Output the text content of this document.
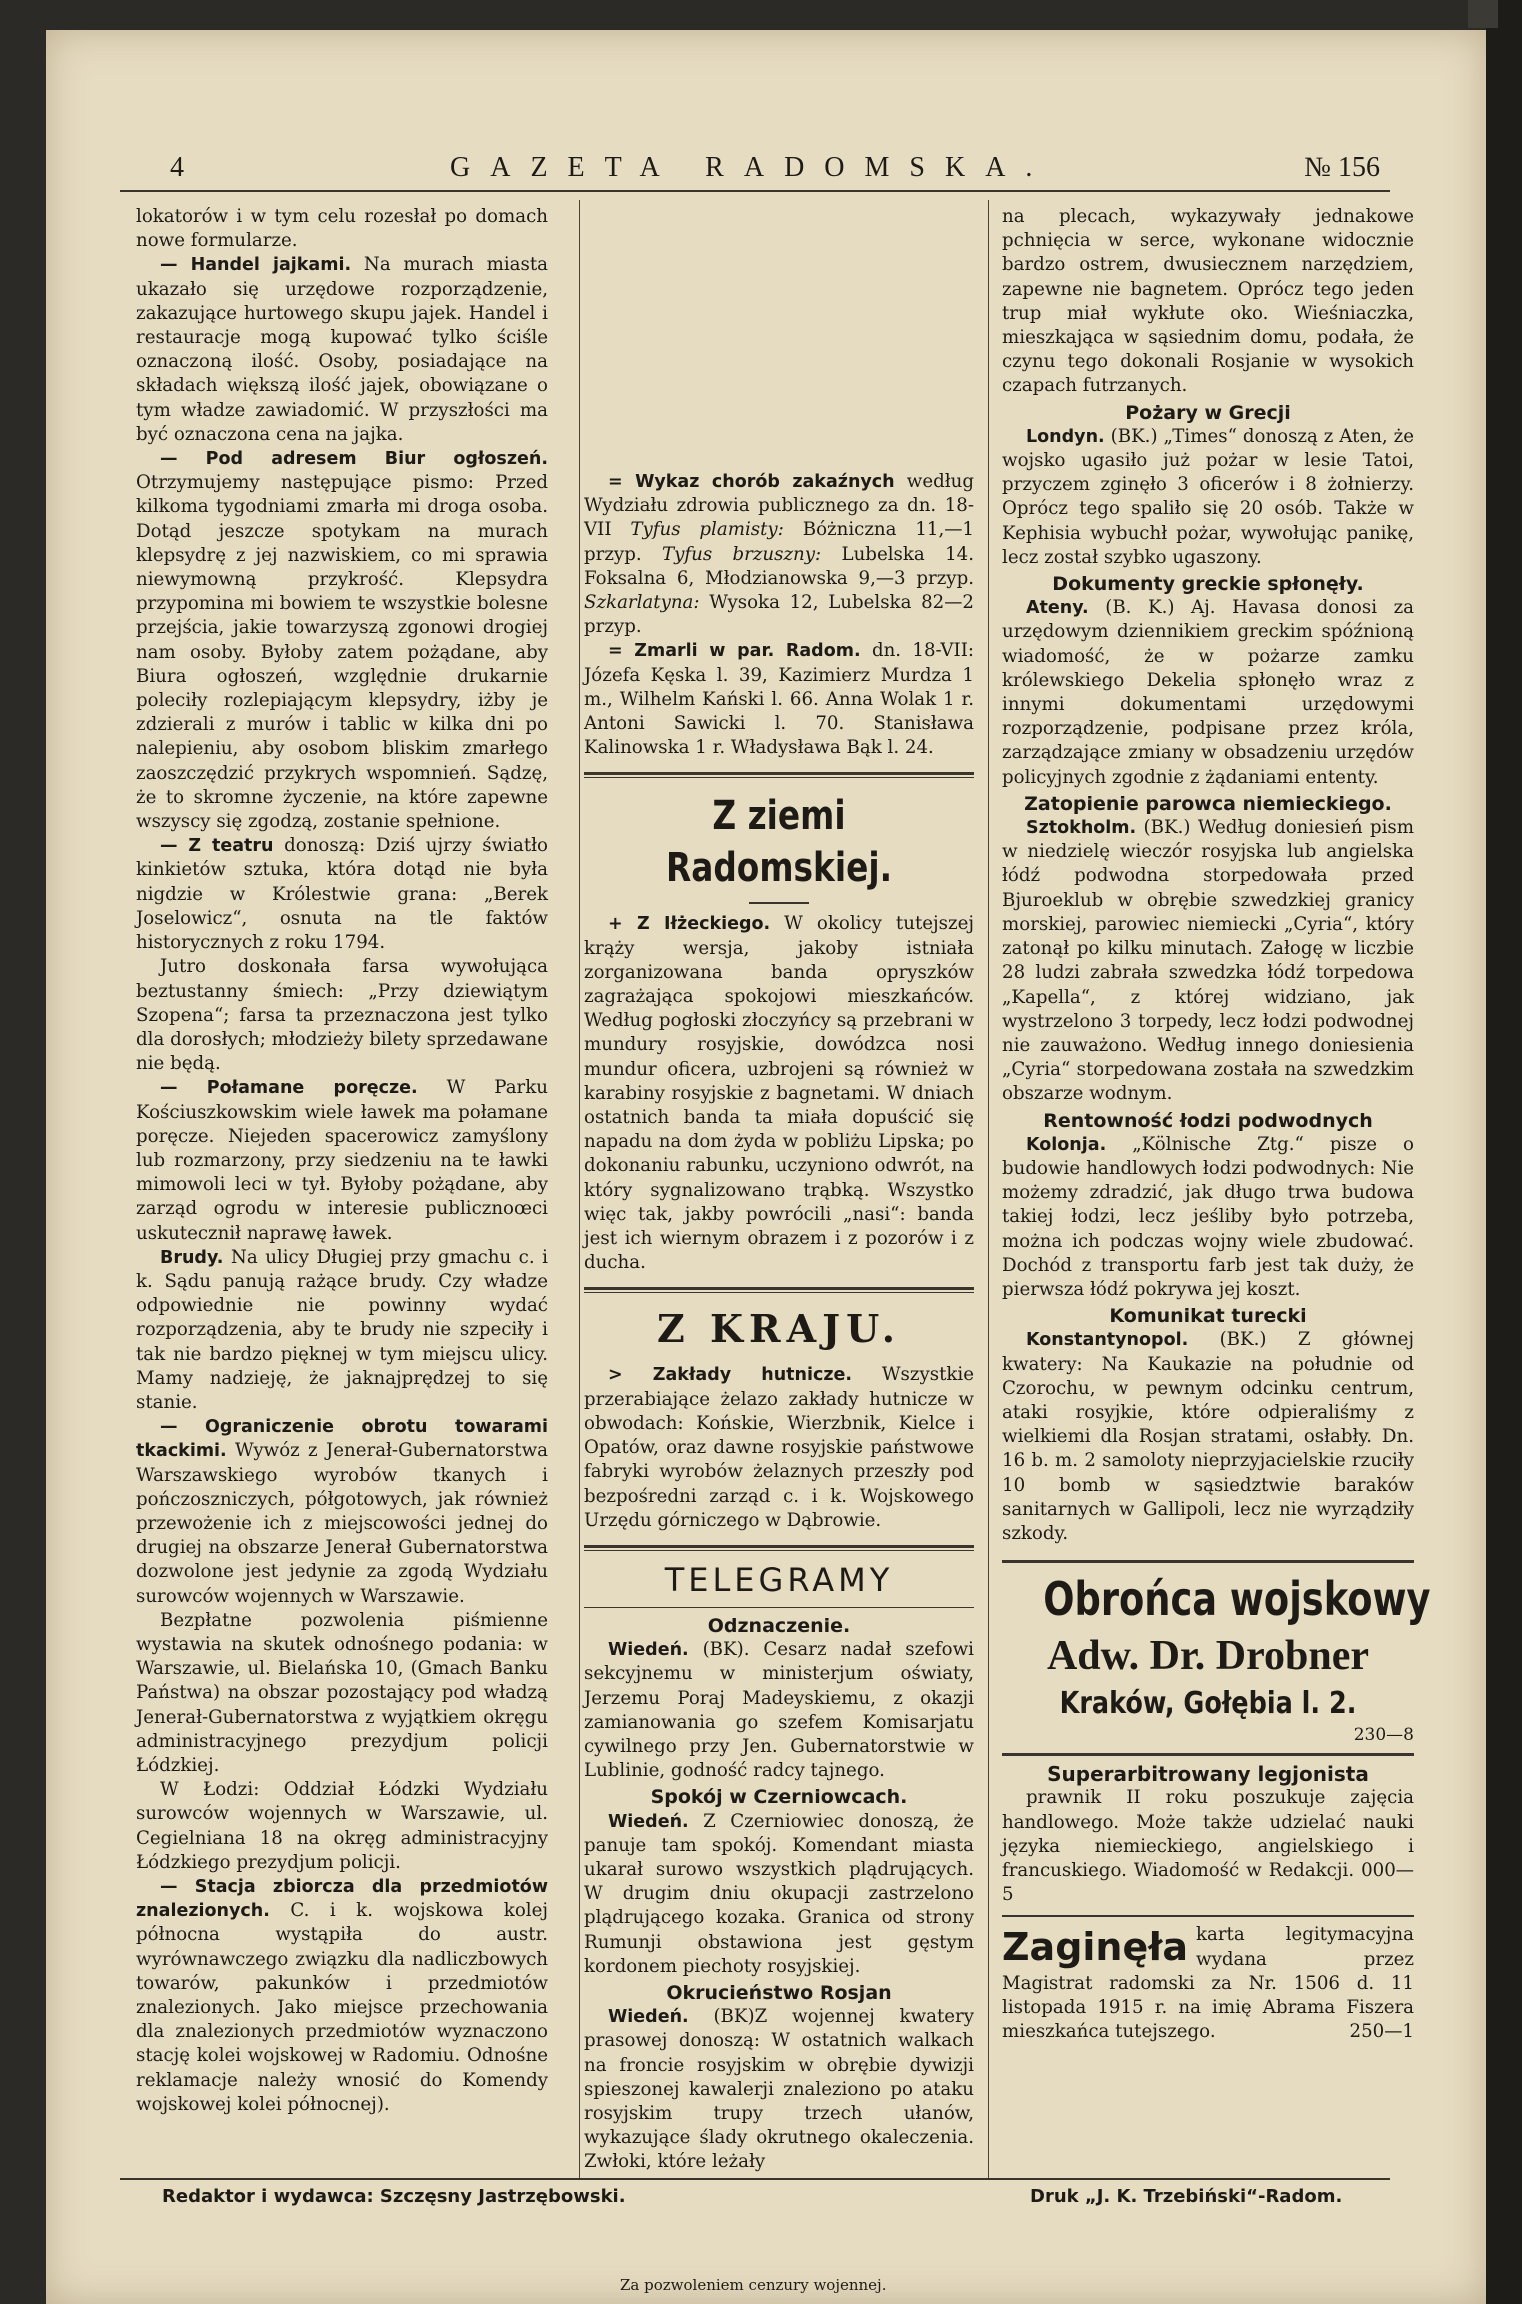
4	GAZETA RADOMSKA.	№ 156

lokatorów i w tym celu rozesłał po domach nowe formularze.

— Handel jajkami. Na murach miasta ukazało się urzędowe rozporządzenie, zakazujące hurtowego skupu jajek. Handel i restauracje mogą kupować tylko ściśle oznaczoną ilość. Osoby, posiadające na składach większą ilość jajek, obowiązane o tym władze zawiadomić. W przyszłości ma być oznaczona cena na jajka.

— Pod adresem Biur ogłoszeń. Otrzymujemy następujące pismo: Przed kilkoma tygodniami zmarła mi droga osoba. Dotąd jeszcze spotykam na murach klepsydrę z jej nazwiskiem, co mi sprawia niewymowną przykrość. Klepsydra przypomina mi bowiem te wszystkie bolesne przejścia, jakie towarzyszą zgonowi drogiej nam osoby. Byłoby zatem pożądane, aby Biura ogłoszeń, względnie drukarnie poleciły rozlepiającym klepsydry, iżby je zdzierali z murów i tablic w kilka dni po nalepieniu, aby osobom bliskim zmarłego zaoszczędzić przykrych wspomnień. Sądzę, że to skromne życzenie, na które zapewne wszyscy się zgodzą, zostanie spełnione.

— Z teatru donoszą: Dziś ujrzy światło kinkietów sztuka, która dotąd nie była nigdzie w Królestwie grana: „Berek Joselowicz“, osnuta na tle faktów historycznych z roku 1794.

Jutro doskonała farsa wywołująca beztustanny śmiech: „Przy dziewiątym Szopena“; farsa ta przeznaczona jest tylko dla dorosłych; młodzieży bilety sprzedawane nie będą.

— Połamane poręcze. W Parku Kościuszkowskim wiele ławek ma połamane poręcze. Niejeden spacerowicz zamyślony lub rozmarzony, przy siedzeniu na te ławki mimowoli leci w tył. Byłoby pożądane, aby zarząd ogrodu w interesie publicznoœci uskutecznił naprawę ławek.

Brudy. Na ulicy Długiej przy gmachu c. i k. Sądu panują rażące brudy. Czy władze odpowiednie nie powinny wydać rozporządzenia, aby te brudy nie szpeciły i tak nie bardzo pięknej w tym miejscu ulicy. Mamy nadzieję, że jaknajprędzej to się stanie.

— Ograniczenie obrotu towarami tkackimi. Wywóz z Jenerał-Gubernatorstwa Warszawskiego wyrobów tkanych i pończoszniczych, półgotowych, jak również przewożenie ich z miejscowości jednej do drugiej na obszarze Jenerał Gubernatorstwa dozwolone jest jedynie za zgodą Wydziału surowców wojennych w Warszawie.

Bezpłatne pozwolenia piśmienne wystawia na skutek odnośnego podania: w Warszawie, ul. Bielańska 10, (Gmach Banku Państwa) na obszar pozostający pod władzą Jenerał-Gubernatorstwa z wyjątkiem okręgu administracyjnego prezydjum policji Łódzkiej.

W Łodzi: Oddział Łódzki Wydziału surowców wojennych w Warszawie, ul. Cegielniana 18 na okręg administracyjny Łódzkiego prezydjum policji.

— Stacja zbiorcza dla przedmiotów znalezionych. C. i k. wojskowa kolej północna wystąpiła do austr. wyrównawczego związku dla nadliczbowych towarów, pakunków i przedmiotów znalezionych. Jako miejsce przechowania dla znalezionych przedmiotów wyznaczono stację kolei wojskowej w Radomiu. Odnośne reklamacje należy wnosić do Komendy wojskowej kolei północnej).

= Wykaz chorób zakaźnych według Wydziału zdrowia publicznego za dn. 18-VII Tyfus plamisty: Bóżniczna 11,—1 przyp. Tyfus brzuszny: Lubelska 14. Foksalna 6, Młodzianowska 9,—3 przyp. Szkarlatyna: Wysoka 12, Lubelska 82—2 przyp.

= Zmarli w par. Radom. dn. 18-VII: Józefa Kęska l. 39, Kazimierz Murdza 1 m., Wilhelm Kański l. 66. Anna Wolak 1 r. Antoni Sawicki l. 70. Stanisława Kalinowska 1 r. Władysława Bąk l. 24.

Z ziemi Radomskiej.

+ Z Iłżeckiego. W okolicy tutejszej krąży wersja, jakoby istniała zorganizowana banda opryszków zagrażająca spokojowi mieszkańców. Według pogłoski złoczyńcy są przebrani w mundury rosyjskie, dowódzca nosi mundur oficera, uzbrojeni są również w karabiny rosyjskie z bagnetami. W dniach ostatnich banda ta miała dopuścić się napadu na dom żyda w pobliżu Lipska; po dokonaniu rabunku, uczyniono odwrót, na który sygnalizowano trąbką. Wszystko więc tak, jakby powrócili „nasi“: banda jest ich wiernym obrazem i z pozorów i z ducha.

Z KRAJU.

> Zakłady hutnicze. Wszystkie przerabiające żelazo zakłady hutnicze w obwodach: Końskie, Wierzbnik, Kielce i Opatów, oraz dawne rosyjskie państwowe fabryki wyrobów żelaznych przeszły pod bezpośredni zarząd c. i k. Wojskowego Urzędu górniczego w Dąbrowie.

TELEGRAMY
Odznaczenie.

Wiedeń. (BK). Cesarz nadał szefowi sekcyjnemu w ministerjum oświaty, Jerzemu Poraj Madeyskiemu, z okazji zamianowania go szefem Komisarjatu cywilnego przy Jen. Gubernatorstwie w Lublinie, godność radcy tajnego.

Spokój w Czerniowcach.

Wiedeń. Z Czerniowiec donoszą, że panuje tam spokój. Komendant miasta ukarał surowo wszystkich plądrujących. W drugim dniu okupacji zastrzelono plądrującego kozaka. Granica od strony Rumunji obstawiona jest gęstym kordonem piechoty rosyjskiej.

Okrucieństwo Rosjan

Wiedeń. (BK)Z wojennej kwatery prasowej donoszą: W ostatnich walkach na froncie rosyjskim w obrębie dywizji spieszonej kawalerji znaleziono po ataku rosyjskim trupy trzech ułanów, wykazujące ślady okrutnego okaleczenia. Zwłoki, które leżały

na plecach, wykazywały jednakowe pchnięcia w serce, wykonane widocznie bardzo ostrem, dwusiecznem narzędziem, zapewne nie bagnetem. Oprócz tego jeden trup miał wykłute oko. Wieśniaczka, mieszkająca w sąsiednim domu, podała, że czynu tego dokonali Rosjanie w wysokich czapach futrzanych.

Pożary w Grecji

Londyn. (BK.) „Times“ donoszą z Aten, że wojsko ugasiło już pożar w lesie Tatoi, przyczem zginęło 3 oficerów i 8 żołnierzy. Oprócz tego spaliło się 20 osób. Także w Kephisia wybuchł pożar, wywołując panikę, lecz został szybko ugaszony.

Dokumenty greckie spłonęły.

Ateny. (B. K.) Aj. Havasa donosi za urzędowym dziennikiem greckim spóźnioną wiadomość, że w pożarze zamku królewskiego Dekelia spłonęło wraz z innymi dokumentami urzędowymi rozporządzenie, podpisane przez króla, zarządzające zmiany w obsadzeniu urzędów policyjnych zgodnie z żądaniami ententy.

Zatopienie parowca niemieckiego.

Sztokholm. (BK.) Według doniesień pism w niedzielę wieczór rosyjska lub angielska łódź podwodna storpedowała przed Bjuroeklub w obrębie szwedzkiej granicy morskiej, parowiec niemiecki „Cyria“, który zatonął po kilku minutach. Załogę w liczbie 28 ludzi zabrała szwedzka łódź torpedowa „Kapella“, z której widziano, jak wystrzelono 3 torpedy, lecz łodzi podwodnej nie zauważono. Według innego doniesienia „Cyria“ storpedowana została na szwedzkim obszarze wodnym.

Rentowność łodzi podwodnych

Kolonja. „Kölnische Ztg.“ pisze o budowie handlowych łodzi podwodnych: Nie możemy zdradzić, jak długo trwa budowa takiej łodzi, lecz jeśliby było potrzeba, można ich podczas wojny wiele zbudować. Dochód z transportu farb jest tak duży, że pierwsza łódź pokrywa jej koszt.

Komunikat turecki

Konstantynopol. (BK.) Z głównej kwatery: Na Kaukazie na południe od Czorochu, w pewnym odcinku centrum, ataki rosyjkie, które odpieraliśmy z wielkiemi dla Rosjan stratami, osłabły. Dn. 16 b. m. 2 samoloty nieprzyjacielskie rzuciły 10 bomb w sąsiedztwie baraków sanitarnych w Gallipoli, lecz nie wyrządziły szkody.

Obrońca wojskowy
Adw. Dr. Drobner
Kraków, Gołębia l. 2.
230—8
Superarbitrowany legjonista

prawnik II roku poszukuje zajęcia handlowego. Może także udzielać nauki języka niemieckiego, angielskiego i francuskiego. Wiadomość w Redakcji. 000—5

Zaginęła karta legitymacyjna wydana przez Magistrat radomski za Nr. 1506 d. 11 listopada 1915 r. na imię Abrama Fiszera mieszkańca tutejszego.	250—1
Redaktor i wydawca: Szczęsny Jastrzębowski.	Druk „J. K. Trzebiński“-Radom.
Za pozwoleniem cenzury wojennej.
